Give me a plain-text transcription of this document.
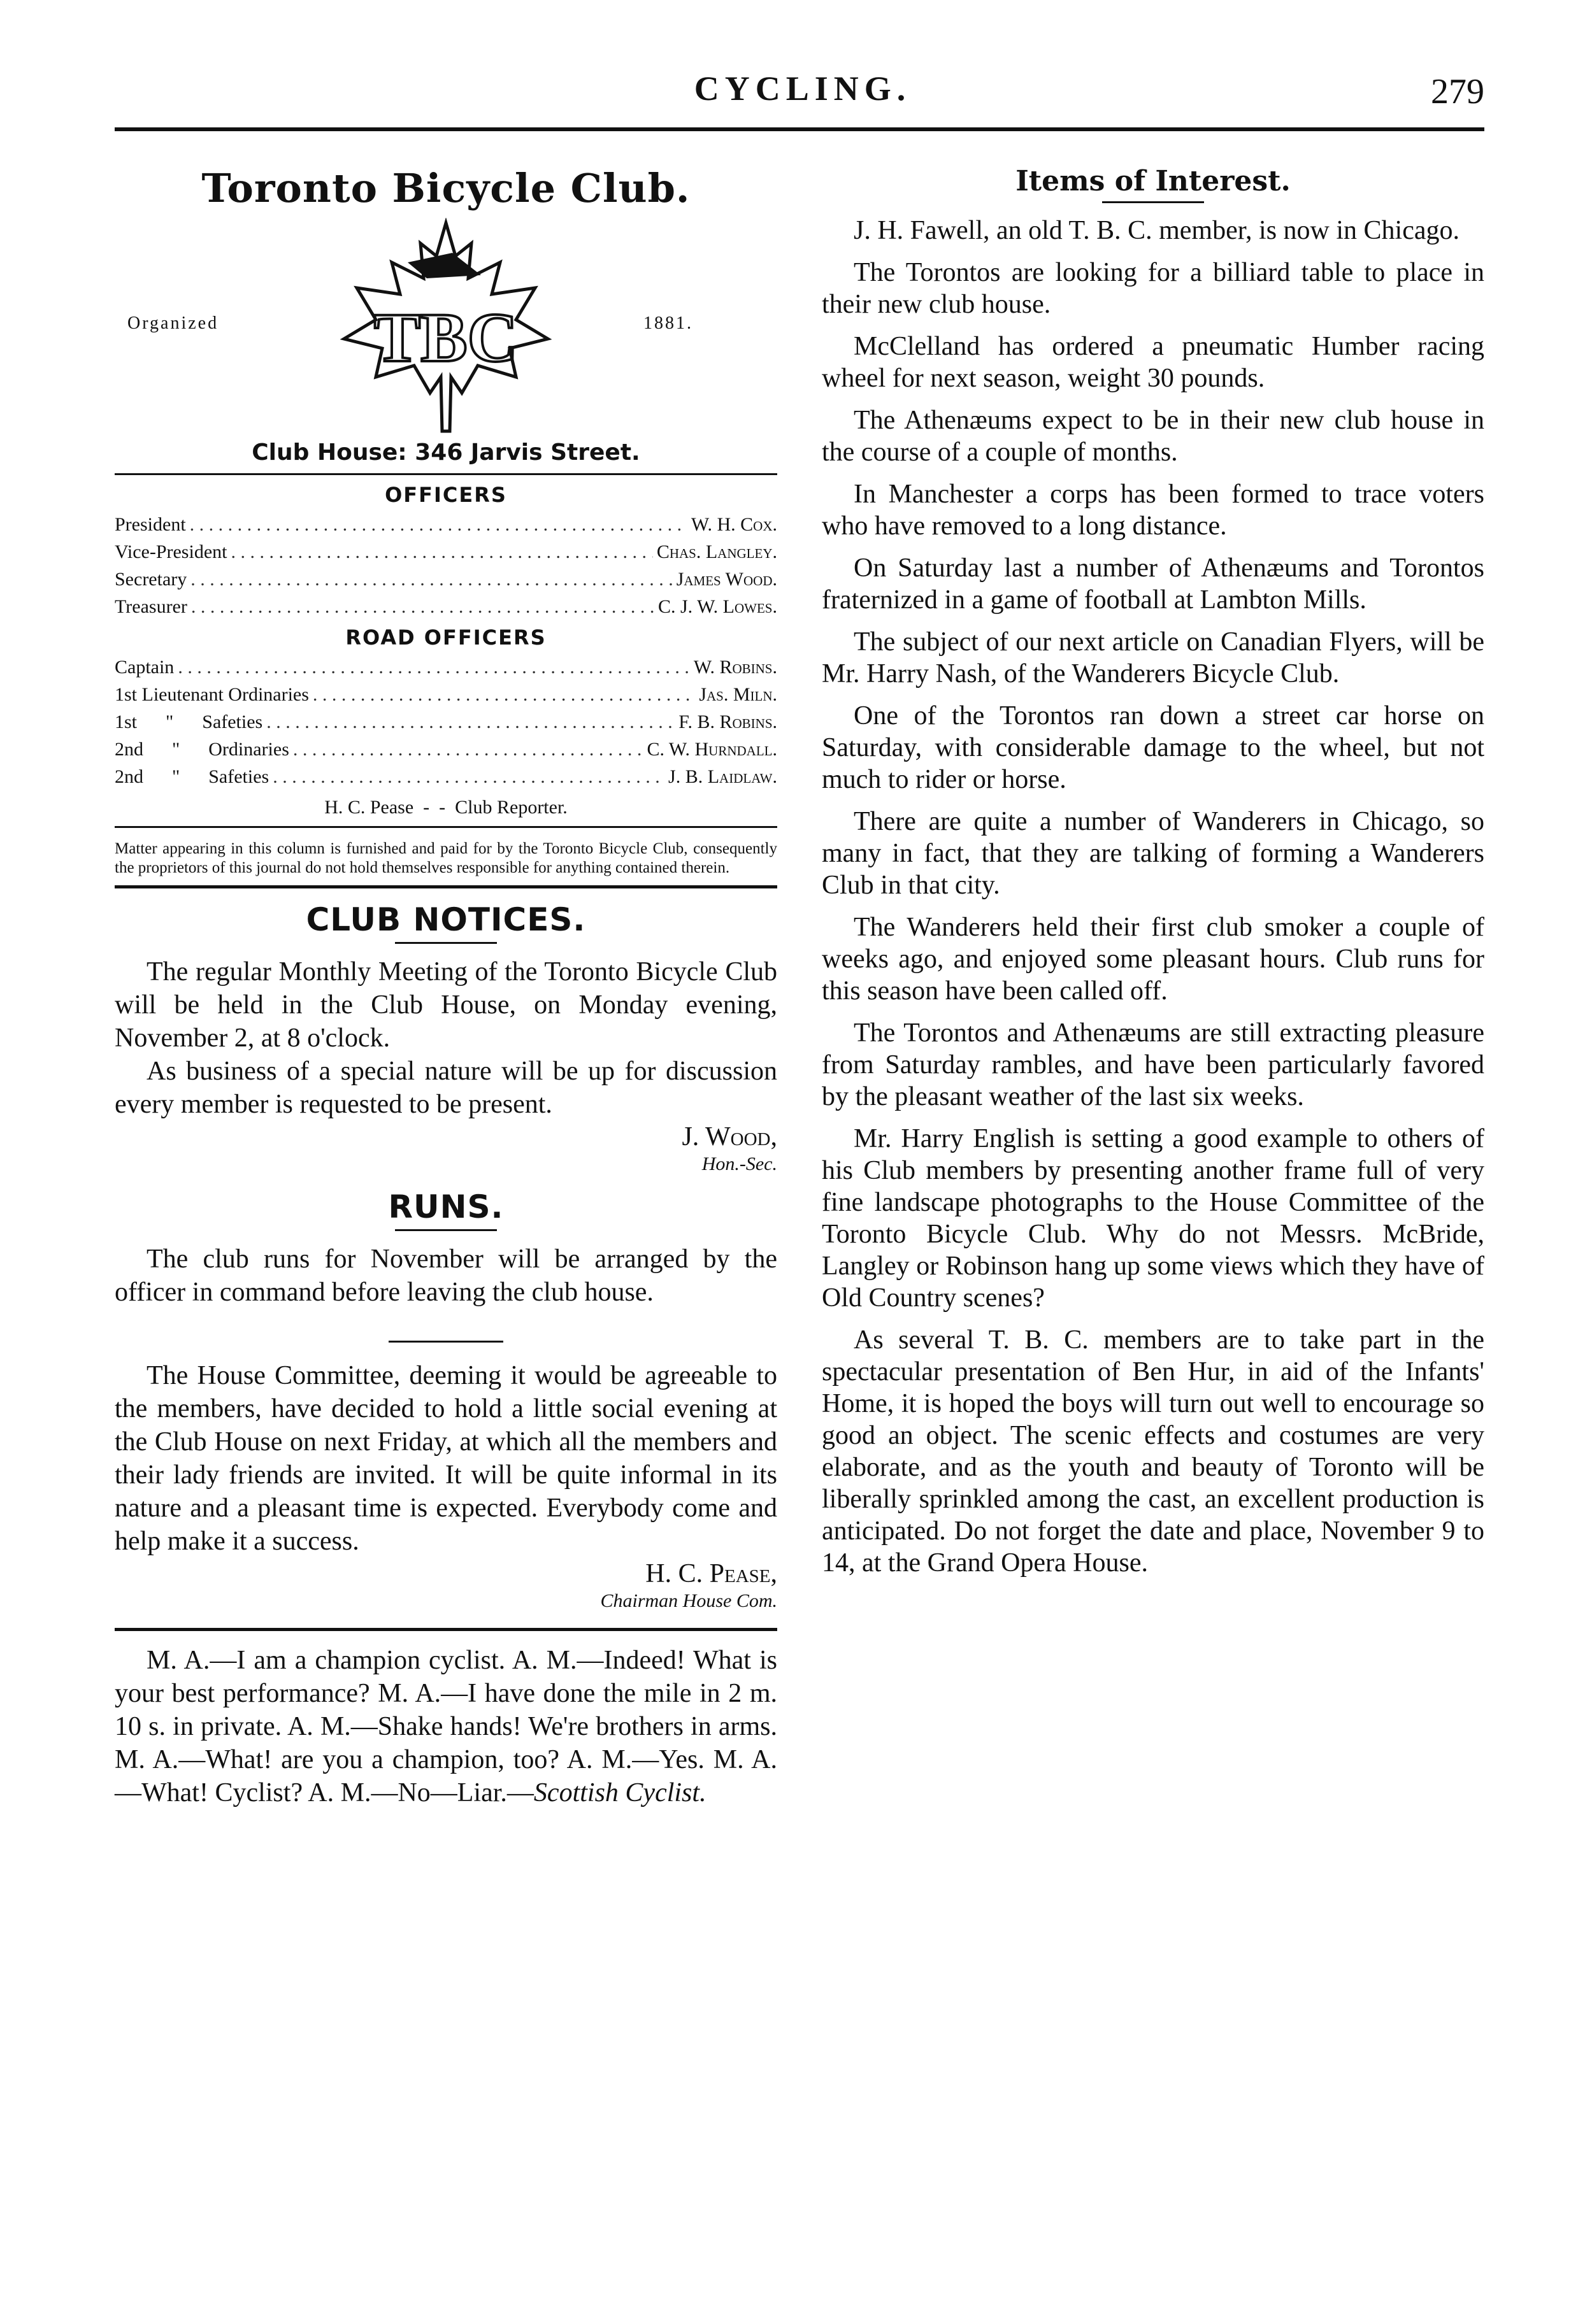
CYCLING.	279
Toronto Bicycle Club.
Organized TBC	1881.
Club House: 346 Jarvis Street.
OFFICERS
President . . .	W. H. Cox.
Vice-President . . .	Chas. Langley.
Secretary . . .	James Wood.
Treasurer . . .	C. J. W. Lowes.
ROAD OFFICERS
Captain . . .	W. Robins.
1st Lieutenant Ordinaries . . .	Jas. Miln.
1st      "      Safeties . . .	F. B. Robins.
2nd      "      Ordinaries . . .	C. W. Hurndall.
2nd      "      Safeties . . .	J. B. Laidlaw.
H. C. Pease  -  -  Club Reporter.

Matter appearing in this column is furnished and paid for by the Toronto Bicycle Club, consequently the proprietors of this journal do not hold themselves responsible for anything contained therein.

CLUB NOTICES.

The regular Monthly Meeting of the Toronto Bicycle Club will be held in the Club House, on Monday evening, November 2, at 8 o'clock.

As business of a special nature will be up for discussion every member is requested to be present.

J. Wood,
Hon.-Sec.
RUNS.

The club runs for November will be arranged by the officer in command before leaving the club house.

The House Committee, deeming it would be agreeable to the members, have decided to hold a little social evening at the Club House on next Friday, at which all the members and their lady friends are invited. It will be quite informal in its nature and a pleasant time is expected. Everybody come and help make it a success.

H. C. Pease,
Chairman House Com.

M. A.—I am a champion cyclist. A. M.—Indeed! What is your best performance? M. A.—I have done the mile in 2 m. 10 s. in private. A. M.—Shake hands! We're brothers in arms. M. A.—What! are you a champion, too? A. M.—Yes. M. A.—What! Cyclist? A. M.—No—Liar.—Scottish Cyclist.

Items of Interest.

J. H. Fawell, an old T. B. C. member, is now in Chicago.

The Torontos are looking for a billiard table to place in their new club house.

McClelland has ordered a pneumatic Humber racing wheel for next season, weight 30 pounds.

The Athenæums expect to be in their new club house in the course of a couple of months.

In Manchester a corps has been formed to trace voters who have removed to a long distance.

On Saturday last a number of Athenæums and Torontos fraternized in a game of football at Lambton Mills.

The subject of our next article on Canadian Flyers, will be Mr. Harry Nash, of the Wanderers Bicycle Club.

One of the Torontos ran down a street car horse on Saturday, with considerable damage to the wheel, but not much to rider or horse.

There are quite a number of Wanderers in Chicago, so many in fact, that they are talking of forming a Wanderers Club in that city.

The Wanderers held their first club smoker a couple of weeks ago, and enjoyed some pleasant hours. Club runs for this season have been called off.

The Torontos and Athenæums are still extracting pleasure from Saturday rambles, and have been particularly favored by the pleasant weather of the last six weeks.

Mr. Harry English is setting a good example to others of his Club members by presenting another frame full of very fine landscape photographs to the House Committee of the Toronto Bicycle Club. Why do not Messrs. McBride, Langley or Robinson hang up some views which they have of Old Country scenes?

As several T. B. C. members are to take part in the spectacular presentation of Ben Hur, in aid of the Infants' Home, it is hoped the boys will turn out well to encourage so good an object. The scenic effects and costumes are very elaborate, and as the youth and beauty of Toronto will be liberally sprinkled among the cast, an excellent production is anticipated. Do not forget the date and place, November 9 to 14, at the Grand Opera House.
